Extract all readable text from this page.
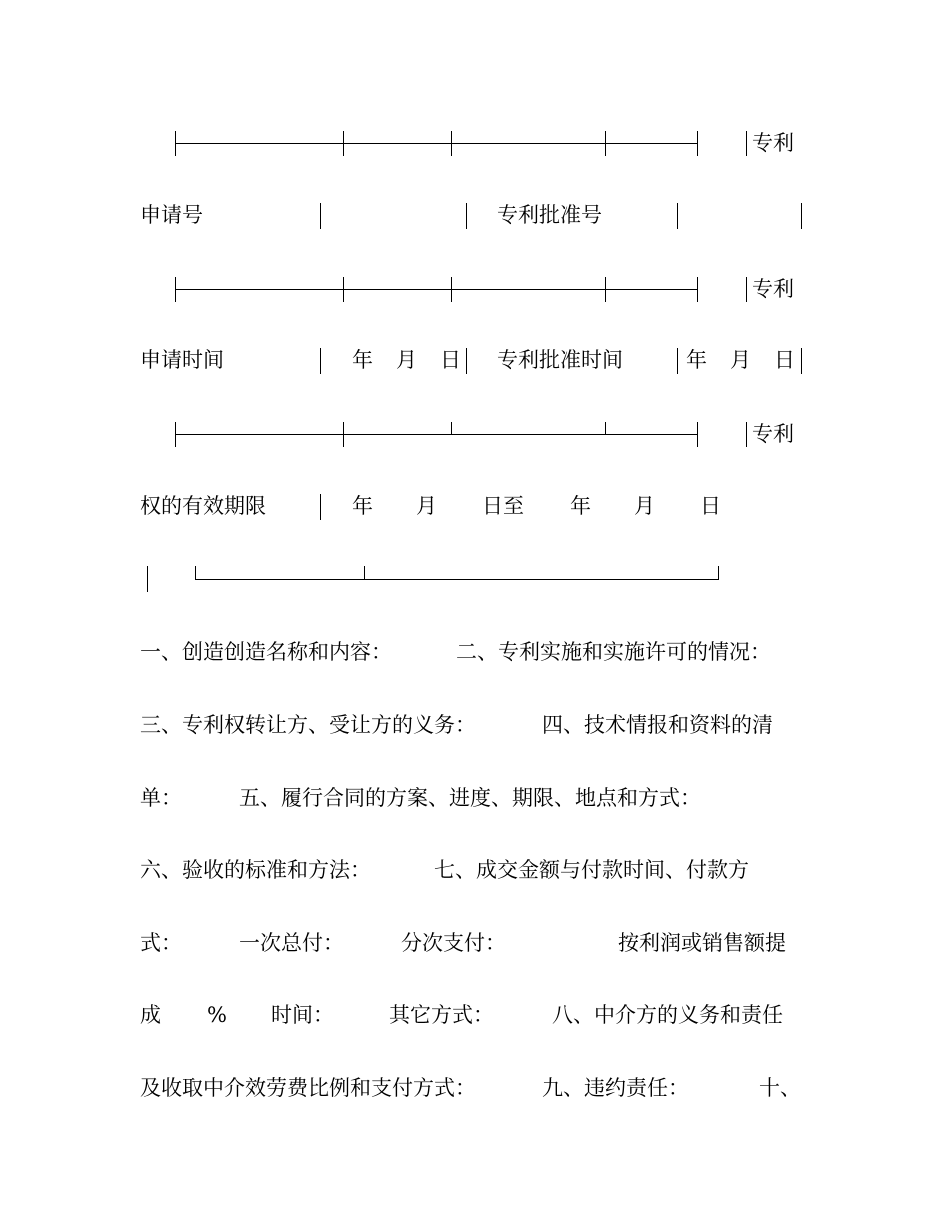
专利
申请号	专利批准号
专利
申请时间	年 月 日 专利批准时间	年 月 日
专利
权的有效期限	年 月 日至 年 月 日
一、创造创造名称和内容：	二、专利实施和实施许可的情况：
三、专利权转让方、受让方的义务：	四、技术情报和资料的清
单：	五、履行合同的方案、进度、期限、地点和方式：
六、验收的标准和方法：	七、成交金额与付款时间、付款方
式：	一次总付：	分次支付：	按利润或销售额提
成 % 时间：	其它方式：	八、中介方的义务和责任
及收取中介效劳费比例和支付方式：	九、违约责任：	十、
